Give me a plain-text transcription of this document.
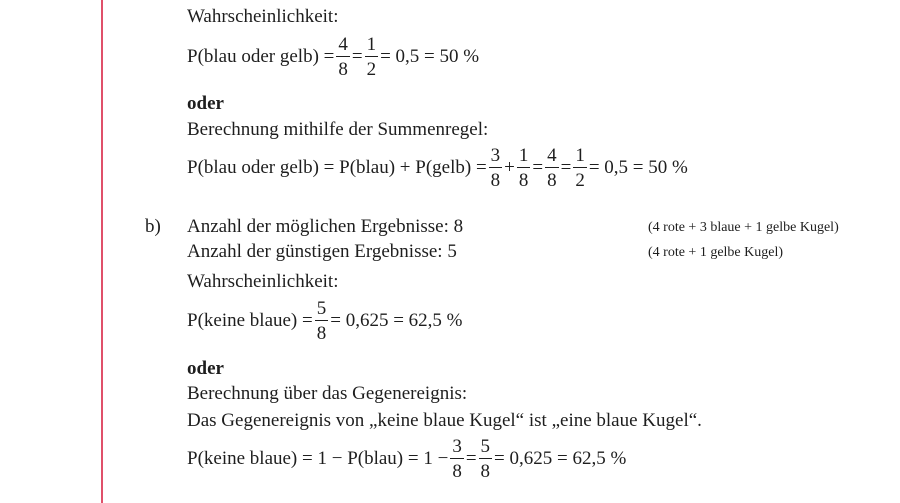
Wahrscheinlichkeit:
P(blau oder gelb) = $\frac{4}{8} = \frac{1}{2} = 0,5 = 50$ %
oder
Berechnung mithilfe der Summenregel:
P(blau oder gelb) = P(blau) + P(gelb) = $\frac{3}{8} + \frac{1}{8} = \frac{4}{8} = \frac{1}{2} = 0,5 = 50$ %
b) Anzahl der möglichen Ergebnisse: 8	(4 rote + 3 blaue + 1 gelbe Kugel)
Anzahl der günstigen Ergebnisse: 5	(4 rote + 1 gelbe Kugel)
Wahrscheinlichkeit:
P(keine blaue) = $\frac{5}{8} = 0,625 = 62,5$ %
oder
Berechnung über das Gegenereignis:
Das Gegenereignis von „keine blaue Kugel“ ist „eine blaue Kugel“.
P(keine blaue) = 1 − P(blau) = $1 - \frac{3}{8} = \frac{5}{8} = 0,625 = 62,5$ %
